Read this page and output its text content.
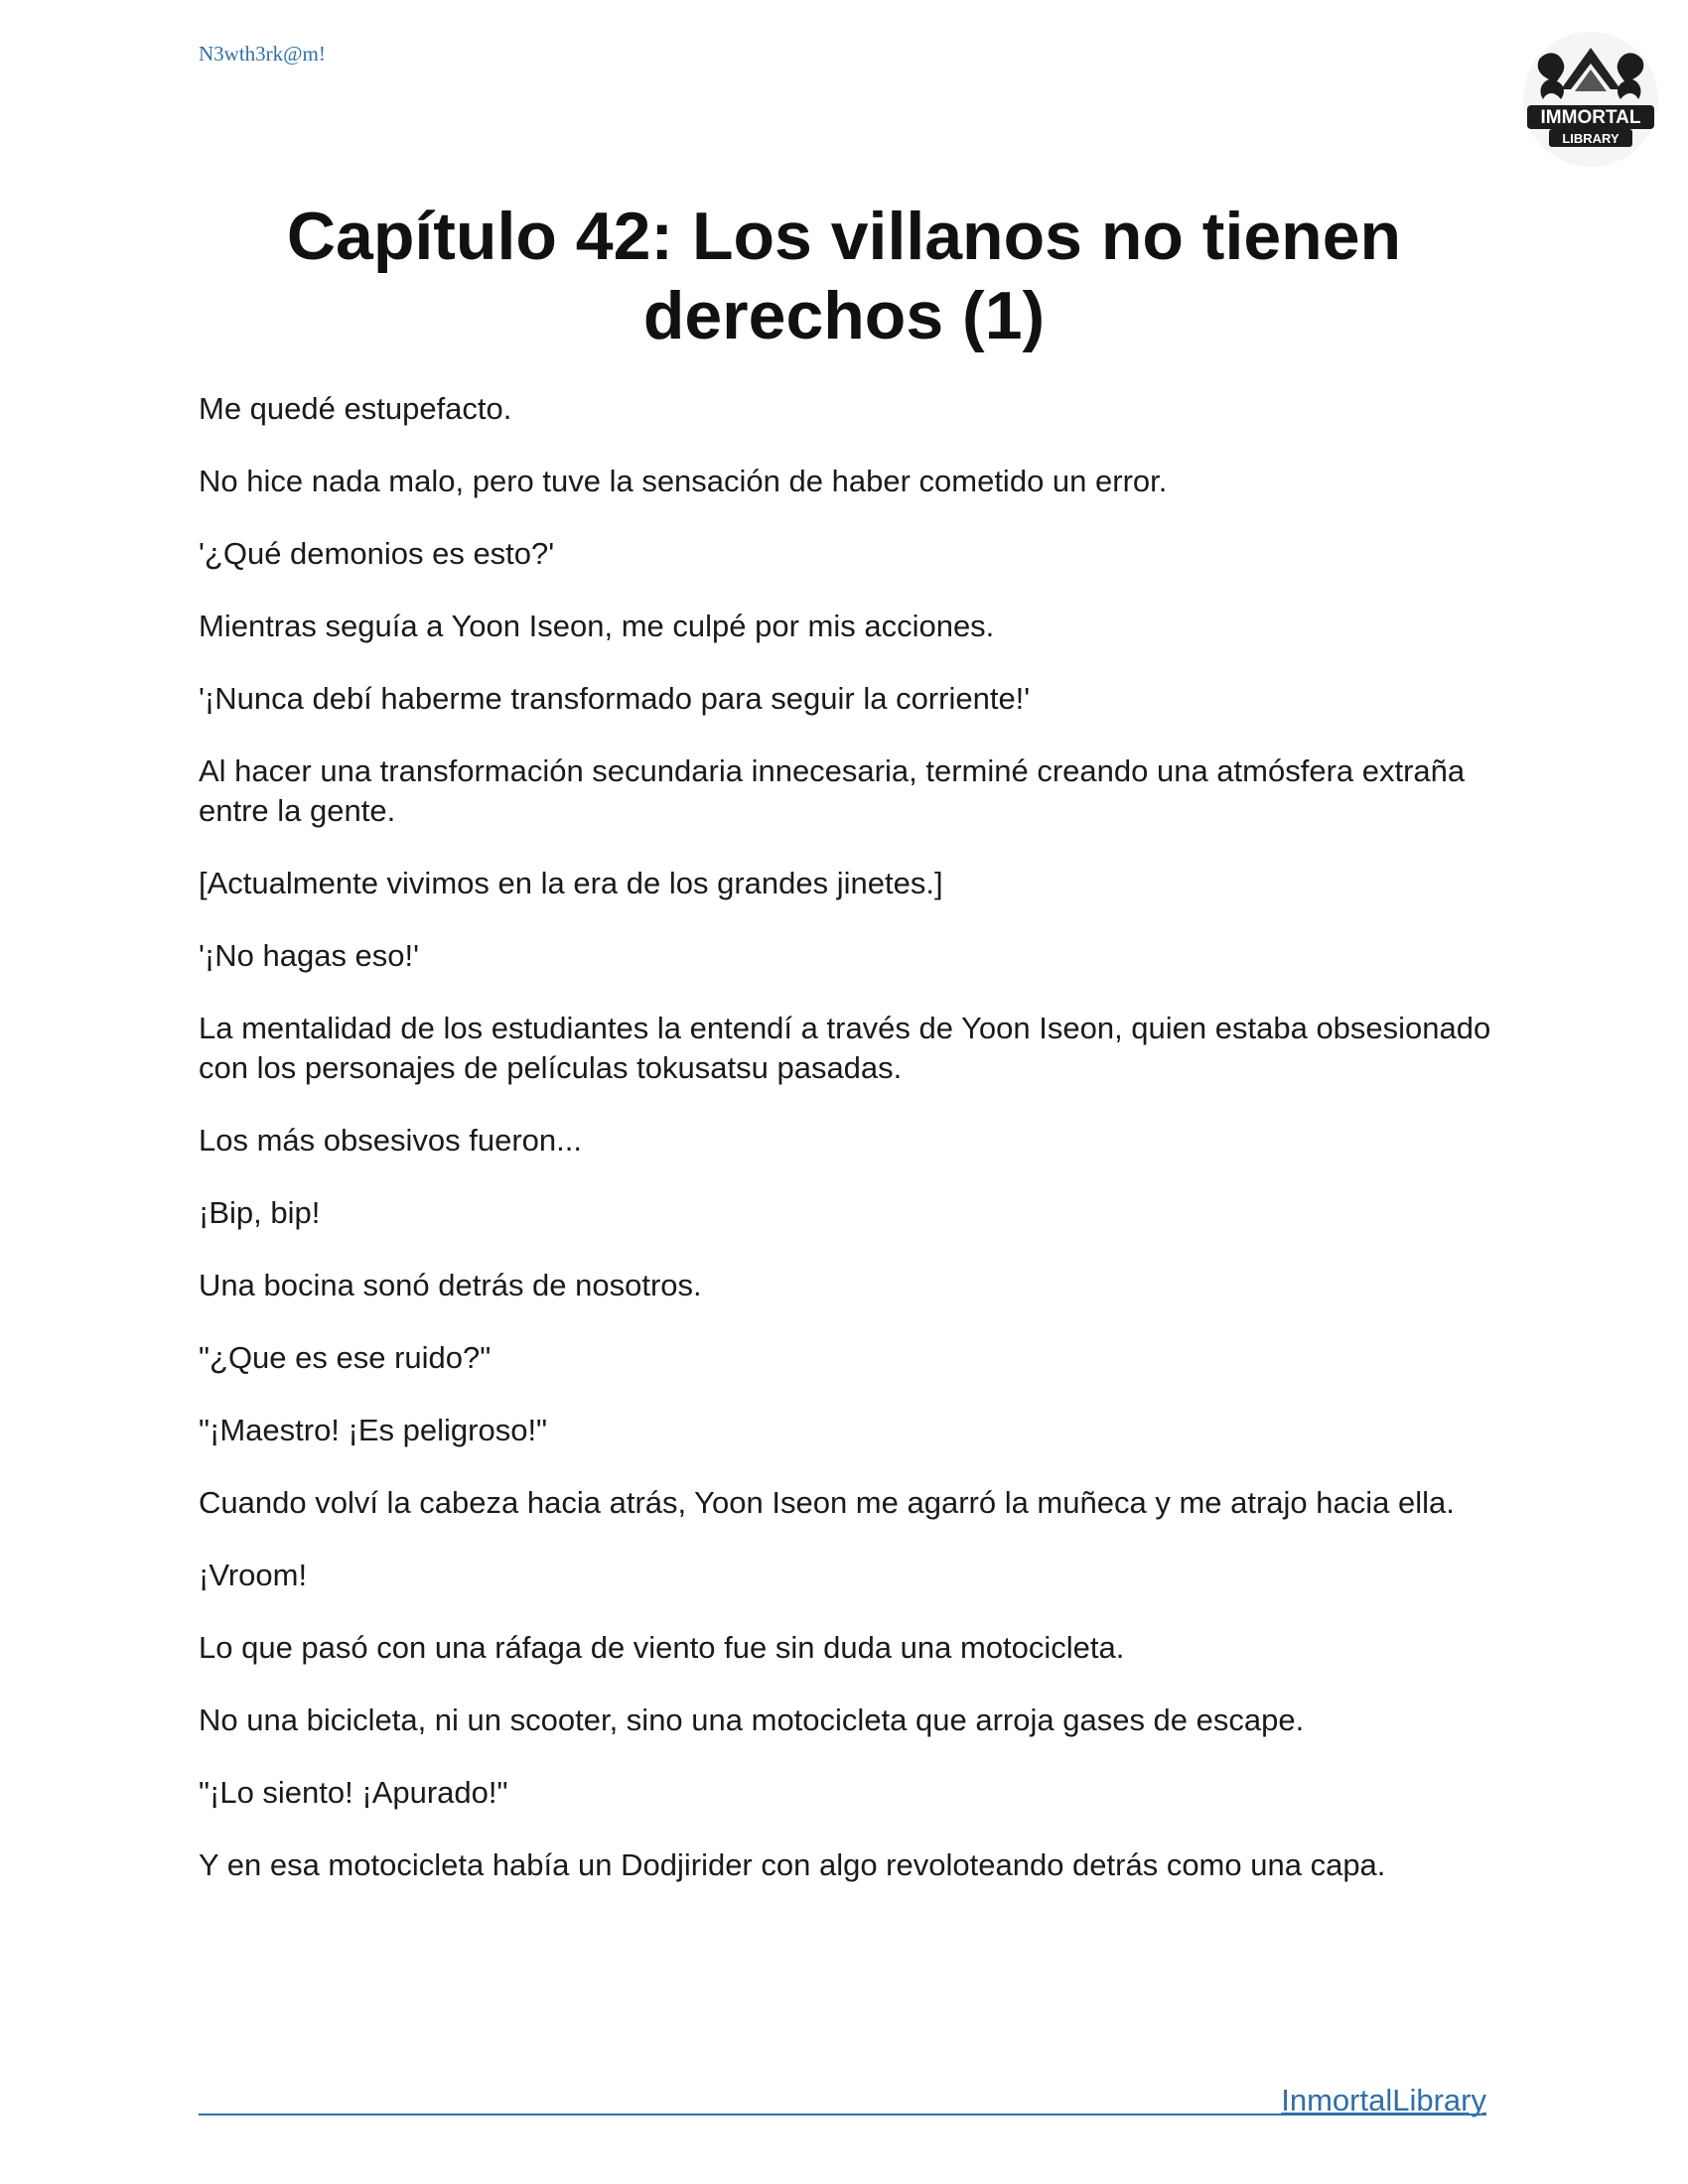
N3wth3rk@m!
IMMORTAL
LIBRARY
Capítulo 42: Los villanos no tienen derechos (1)

Me quedé estupefacto.

No hice nada malo, pero tuve la sensación de haber cometido un error.

'¿Qué demonios es esto?'

Mientras seguía a Yoon Iseon, me culpé por mis acciones.

'¡Nunca debí haberme transformado para seguir la corriente!'

Al hacer una transformación secundaria innecesaria, terminé creando una atmósfera extraña entre la gente.

[Actualmente vivimos en la era de los grandes jinetes.]

'¡No hagas eso!'

La mentalidad de los estudiantes la entendí a través de Yoon Iseon, quien estaba obsesionado con los personajes de películas tokusatsu pasadas.

Los más obsesivos fueron...

¡Bip, bip!

Una bocina sonó detrás de nosotros.

"¿Que es ese ruido?"

"¡Maestro! ¡Es peligroso!"

Cuando volví la cabeza hacia atrás, Yoon Iseon me agarró la muñeca y me atrajo hacia ella.

¡Vroom!

Lo que pasó con una ráfaga de viento fue sin duda una motocicleta.

No una bicicleta, ni un scooter, sino una motocicleta que arroja gases de escape.

"¡Lo siento! ¡Apurado!"

Y en esa motocicleta había un Dodjirider con algo revoloteando detrás como una capa.

InmortalLibrary
